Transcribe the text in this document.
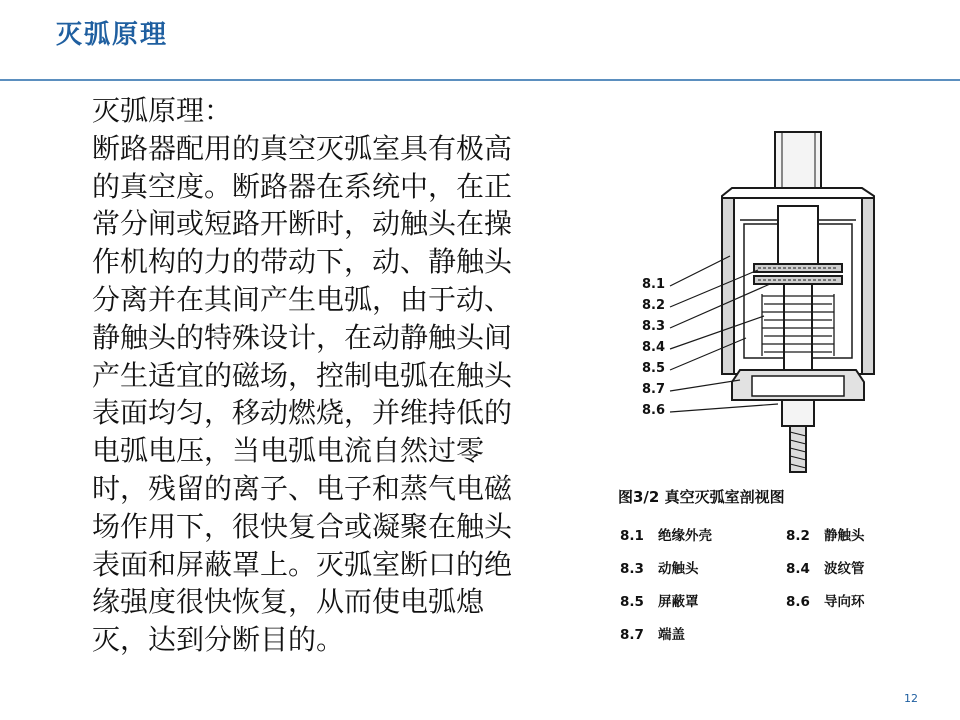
灭弧原理
灭弧原理：
断路器配用的真空灭弧室具有极高
的真空度。断路器在系统中，在正
常分闸或短路开断时，动触头在操
作机构的力的带动下，动、静触头
分离并在其间产生电弧，由于动、
静触头的特殊设计，在动静触头间
产生适宜的磁场，控制电弧在触头
表面均匀，移动燃烧，并维持低的
电弧电压，当电弧电流自然过零
时，残留的离子、电子和蒸气电磁
场作用下，很快复合或凝聚在触头
表面和屏蔽罩上。灭弧室断口的绝
缘强度很快恢复，从而使电弧熄
灭，达到分断目的。
8.1
8.2
8.3
8.4
8.5
8.7
8.6
图3/2 真空灭弧室剖视图
8.1 绝缘外壳	8.2 静触头
8.3 动触头	8.4 波纹管
8.5 屏蔽罩	8.6 导向环
8.7 端盖
12
